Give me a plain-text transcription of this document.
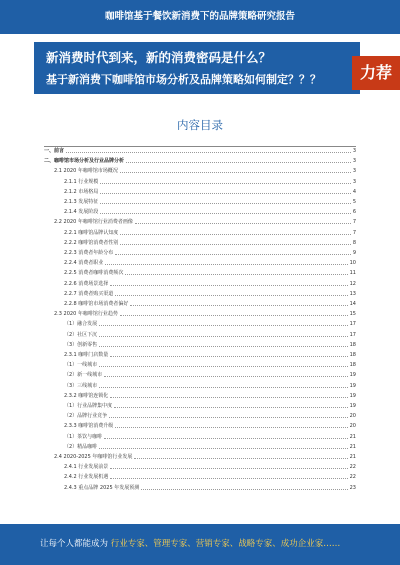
咖啡馆基于餐饮新消费下的品牌策略研究报告
新消费时代到来，新的消费密码是什么？
基于新消费下咖啡馆市场分析及品牌策略如何制定？？？	力荐
内容目录
一、前言	3
二、咖啡馆市场分析及行业品牌分析	3
2.1 2020 年咖啡馆市场概况	3
2.1.1 行业规模	3
2.1.2 市场格局	4
2.1.3 发展特征	5
2.1.4 发展阶段	6
2.2 2020 年咖啡馆行业消费者画像	7
2.2.1 咖啡馆品牌认知度	7
2.2.2 咖啡馆消费者性别	8
2.2.3 消费者年龄分布	9
2.2.4 消费者职业	10
2.2.5 消费者咖啡消费频次	11
2.2.6 消费场景选择	12
2.2.7 消费者购买渠道	13
2.2.8 咖啡馆市场消费者偏好	14
2.3 2020 年咖啡馆行业趋势	15
（1）融合发展	17
（2）社区下沉	17
（3）创新零售	18
2.3.1 咖啡门店数量	18
（1）一线城市	18
（2）新一线城市	19
（3）三线城市	19
2.3.2 咖啡馆连锁化	19
（1）行业品牌集中度	19
（2）品牌行业竞争	20
2.3.3 咖啡馆消费升级	20
（1）茶饮与咖啡	21
（2）精品咖啡	21
2.4 2020-2025 年咖啡馆行业发展	21
2.4.1 行业发展前景	22
2.4.2 行业发展机遇	22
2.4.3 重点品牌 2025 年发展预测	23
让每个人都能成为 行业专家、管理专家、营销专家、战略专家、成功企业家……
